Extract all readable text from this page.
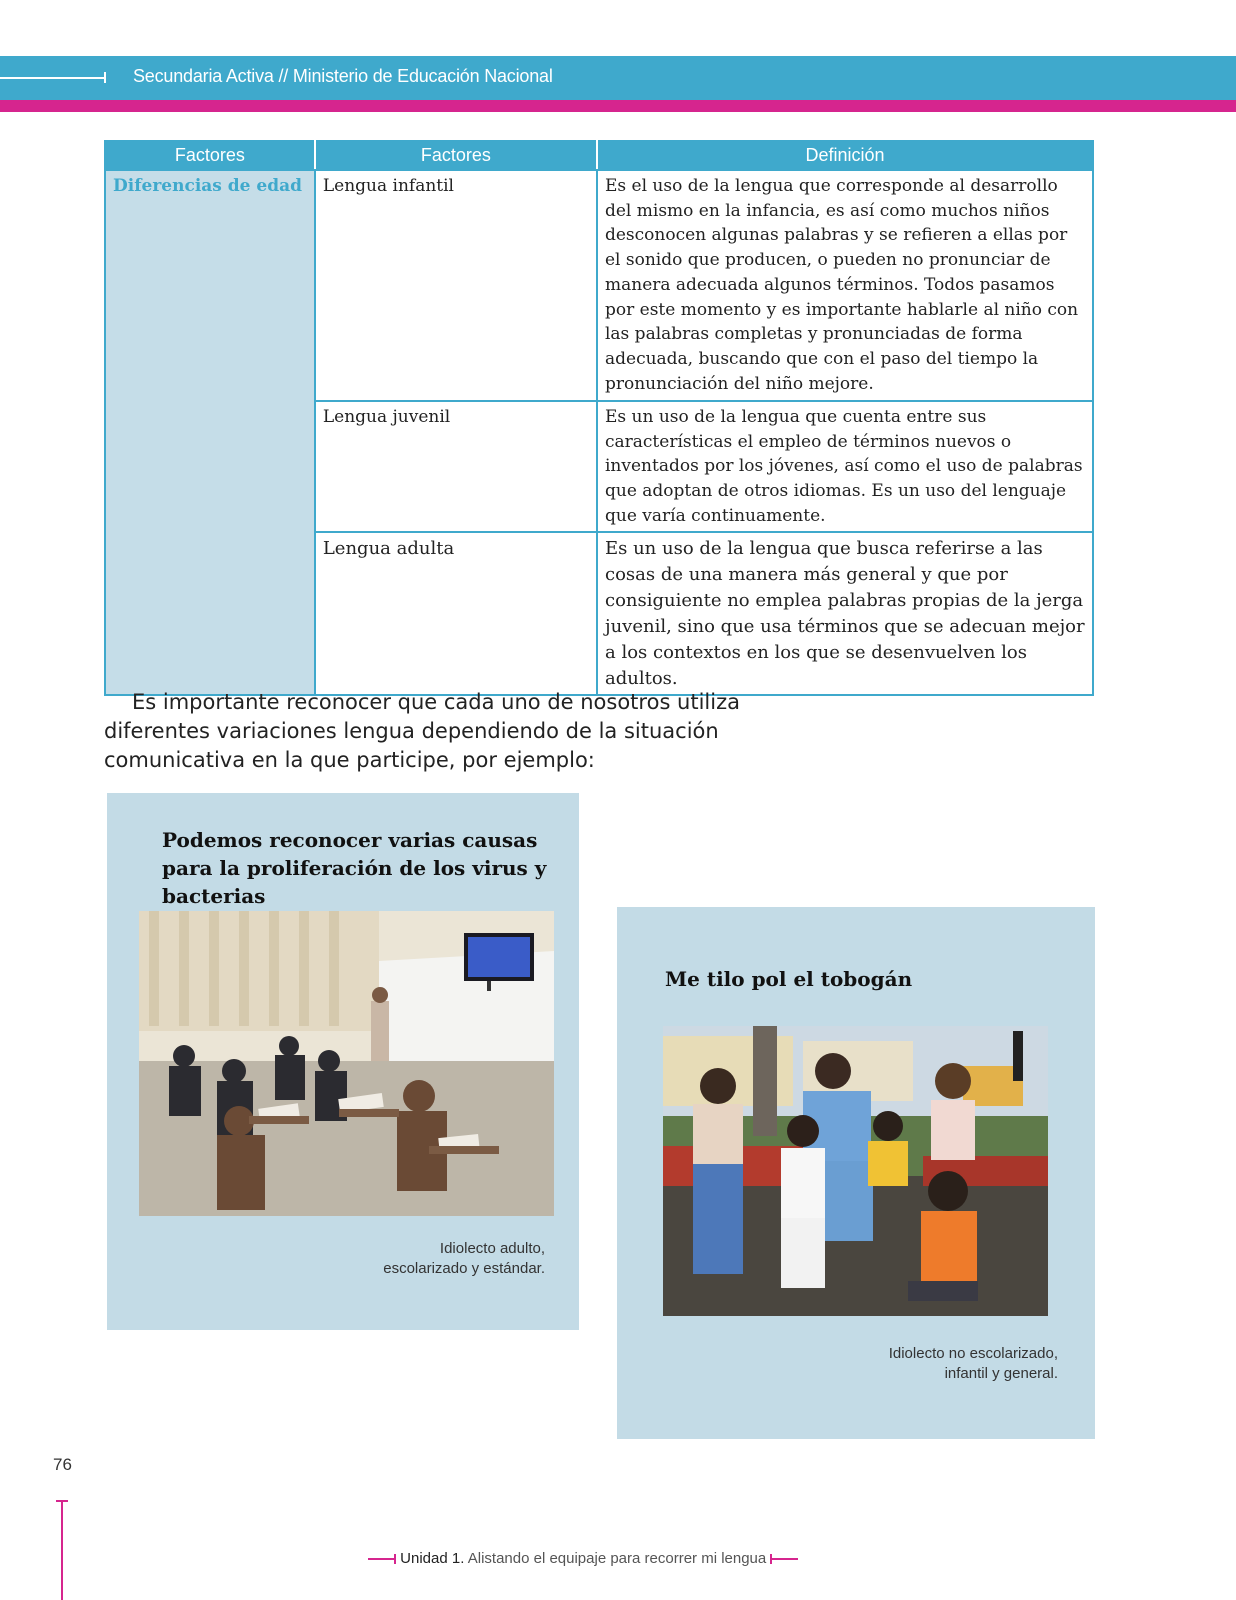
Secundaria Activa // Ministerio de Educación Nacional
Factores	Factores	Definición
Diferencias de edad	Lengua infantil	Es el uso de la lengua que corresponde al desarrollo del mismo en la infancia, es así como muchos niños desconocen algunas palabras y se refieren a ellas por el sonido que producen, o pueden no pronunciar de manera adecuada algunos términos. Todos pasamos por este momento y es importante hablarle al niño con las palabras completas y pronunciadas de forma adecuada, buscando que con el paso del tiempo la pronunciación del niño mejore.
	Lengua juvenil	Es un uso de la lengua que cuenta entre sus características el empleo de términos nuevos o inventados por los jóvenes, así como el uso de palabras que adoptan de otros idiomas. Es un uso del lenguaje que varía continuamente.
	Lengua adulta	Es un uso de la lengua que busca referirse a las cosas de una manera más general y que por consiguiente no emplea palabras propias de la jerga juvenil, sino que usa términos que se adecuan mejor a los contextos en los que se desenvuelven los adultos.

Es importante reconocer que cada uno de nosotros utiliza diferentes variaciones lengua dependiendo de la situación comunicativa en la que participe, por ejemplo:

Podemos reconocer varias causas para la proliferación de los virus y bacterias
Idiolecto adulto,
escolarizado y estándar.
Me tilo pol el tobogán
Idiolecto no escolarizado,
infantil y general.
76
Unidad 1. Alistando el equipaje para recorrer mi lengua
